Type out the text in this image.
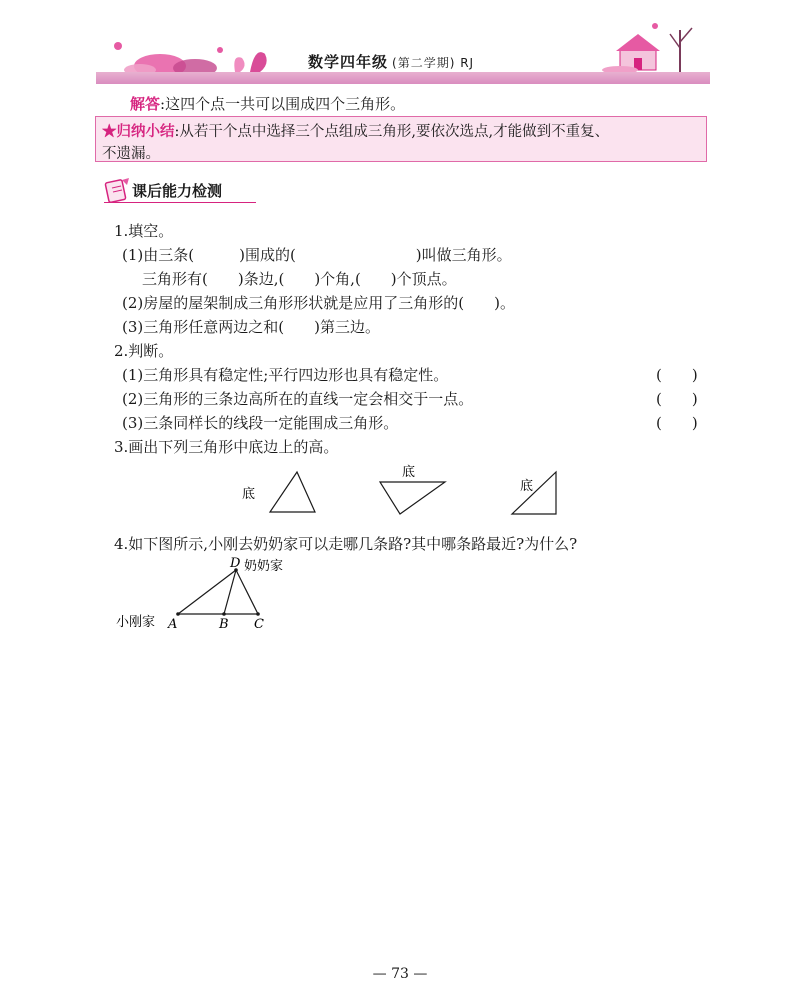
数学四年级 (第二学期) RJ
解答:这四个点一共可以围成四个三角形。
★归纳小结:从若干个点中选择三个点组成三角形,要依次选点,才能做到不重复、
不遗漏。
课后能力检测
1.填空。
(1)由三条(　　　)围成的(　　　　　　　　)叫做三角形。
三角形有(　　)条边,(　　)个角,(　　)个顶点。
(2)房屋的屋架制成三角形形状就是应用了三角形的(　　)。
(3)三角形任意两边之和(　　)第三边。
2.判断。
(1)三角形具有稳定性;平行四边形也具有稳定性。	(　　)
(2)三角形的三条边高所在的直线一定会相交于一点。	(　　)
(3)三条同样长的线段一定能围成三角形。	(　　)
3.画出下列三角形中底边上的高。
底
底
底
4.如下图所示,小刚去奶奶家可以走哪几条路?其中哪条路最近?为什么?
D 奶奶家
小刚家 A	B C
— 73 —
